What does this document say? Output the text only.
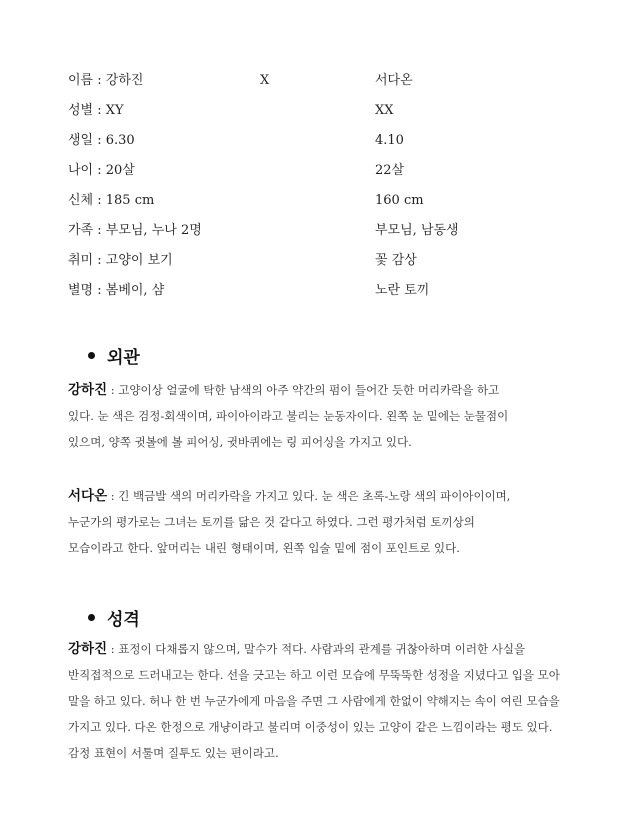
이름 : 강하진	X	서다온
성별 : XY	XX
생일 : 6.30	4.10
나이 : 20살	22살
신체 : 185 cm	160 cm
가족 : 부모님, 누나 2명	부모님, 남동생
취미 : 고양이 보기	꽃 감상
별명 : 봄베이, 샴	노란 토끼
외관
강하진 : 고양이상 얼굴에 탁한 남색의 아주 약간의 펌이 들어간 듯한 머리카락을 하고
있다. 눈 색은 검정-회색이며, 파이아이라고 불리는 눈동자이다. 왼쪽 눈 밑에는 눈물점이
있으며, 양쪽 귓볼에 볼 피어싱, 귓바퀴에는 링 피어싱을 가지고 있다.
서다온 : 긴 백금발 색의 머리카락을 가지고 있다. 눈 색은 초록-노랑 색의 파이아이이며,
누군가의 평가로는 그녀는 토끼를 닮은 것 같다고 하였다. 그런 평가처럼 토끼상의
모습이라고 한다. 앞머리는 내린 형태이며, 왼쪽 입술 밑에 점이 포인트로 있다.
성격
강하진 : 표정이 다채롭지 않으며, 말수가 적다. 사람과의 관계를 귀찮아하며 이러한 사실을
반직접적으로 드러내고는 한다. 선을 긋고는 하고 이런 모습에 무뚝뚝한 성정을 지녔다고 입을 모아
말을 하고 있다. 허나 한 번 누군가에게 마음을 주면 그 사람에게 한없이 약해지는 속이 여린 모습을
가지고 있다. 다온 한정으로 개냥이라고 불리며 이중성이 있는 고양이 같은 느낌이라는 평도 있다.
감정 표현이 서툴며 질투도 있는 편이라고.
